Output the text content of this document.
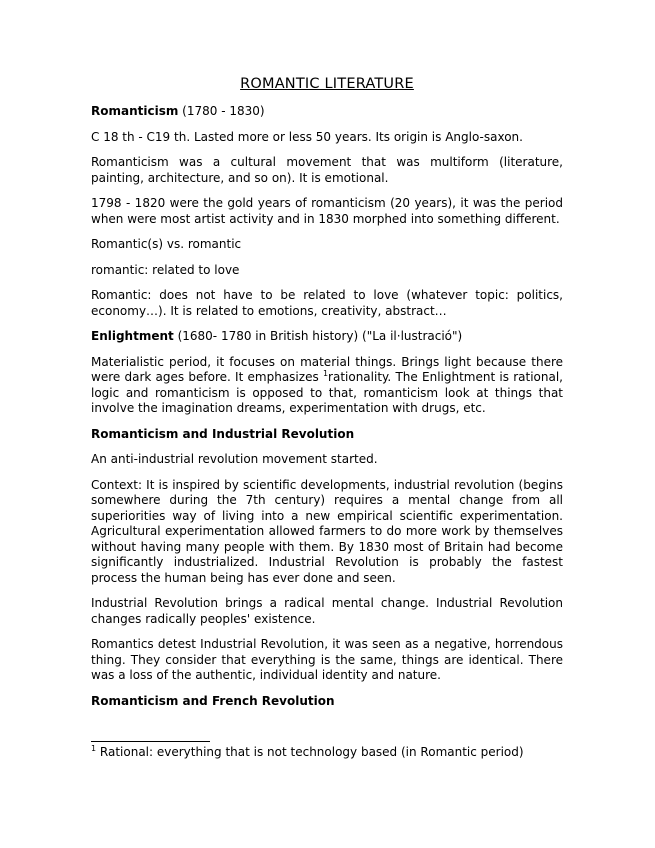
ROMANTIC LITERATURE

Romanticism (1780 - 1830)

C 18 th - C19 th. Lasted more or less 50 years. Its origin is Anglo-saxon.

Romanticism was a cultural movement that was multiform (literature, painting, architecture, and so on). It is emotional.

1798 - 1820 were the gold years of romanticism (20 years), it was the period when were most artist activity and in 1830 morphed into something different.

Romantic(s) vs. romantic

romantic: related to love

Romantic: does not have to be related to love (whatever topic: politics, economy…). It is related to emotions, creativity, abstract…

Enlightment (1680- 1780 in British history) ("La il·lustració")

Materialistic period, it focuses on material things. Brings light because there were dark ages before. It emphasizes $^1$rationality. The Enlightment is rational, logic and romanticism is opposed to that, romanticism look at things that involve the imagination dreams, experimentation with drugs, etc.

Romanticism and Industrial Revolution

An anti-industrial revolution movement started.

Context: It is inspired by scientific developments, industrial revolution (begins somewhere during the 7th century) requires a mental change from all superiorities way of living into a new empirical scientific experimentation. Agricultural experimentation allowed farmers to do more work by themselves without having many people with them. By 1830 most of Britain had become significantly industrialized. Industrial Revolution is probably the fastest process the human being has ever done and seen.

Industrial Revolution brings a radical mental change. Industrial Revolution changes radically peoples' existence.

Romantics detest Industrial Revolution, it was seen as a negative, horrendous thing. They consider that everything is the same, things are identical. There was a loss of the authentic, individual identity and nature.

Romanticism and French Revolution

$^1$ Rational: everything that is not technology based (in Romantic period)
